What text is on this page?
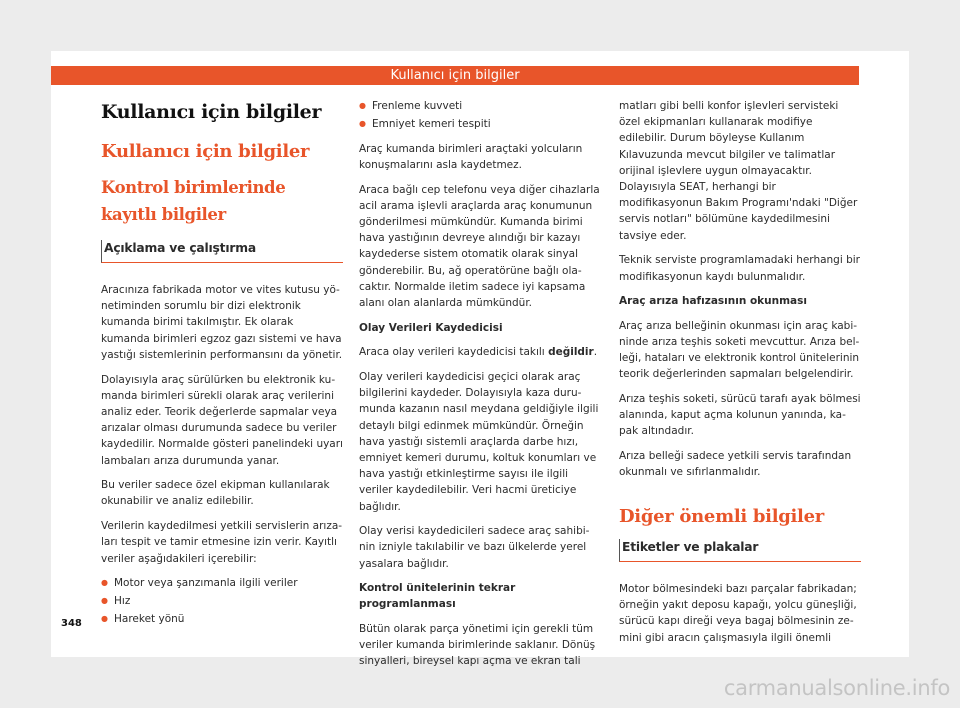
Kullanıcı için bilgiler
Kullanıcı için bilgiler
Kullanıcı için bilgiler
Kontrol birimlerinde kayıtlı bilgiler
Açıklama ve çalıştırma

Aracınıza fabrikada motor ve vites kutusu yönetiminden sorumlu bir dizi elektronik kumanda birimi takılmıştır. Ek olarak kumanda birimleri egzoz gazı sistemi ve hava yastığı sistemlerinin performansını da yönetir.

Dolayısıyla araç sürülürken bu elektronik kumanda birimleri sürekli olarak araç verilerini analiz eder. Teorik değerlerde sapmalar veya arızalar olması durumunda sadece bu veriler kaydedilir. Normalde gösteri panelindeki uyarı lambaları arıza durumunda yanar.

Bu veriler sadece özel ekipman kullanılarak okunabilir ve analiz edilebilir.

Verilerin kaydedilmesi yetkili servislerin arızaları tespit ve tamir etmesine izin verir. Kayıtlı veriler aşağıdakileri içerebilir:

● Motor veya şanzımanla ilgili veriler
● Hız
● Hareket yönü
● Frenleme kuvveti
● Emniyet kemeri tespiti

Araç kumanda birimleri araçtaki yolcuların konuşmalarını asla kaydetmez.

Araca bağlı cep telefonu veya diğer cihazlarla acil arama işlevli araçlarda araç konumunun gönderilmesi mümkündür. Kumanda birimi hava yastığının devreye alındığı bir kazayı kaydederse sistem otomatik olarak sinyal gönderebilir. Bu, ağ operatörüne bağlı olacaktır. Normalde iletim sadece iyi kapsama alanı olan alanlarda mümkündür.

Olay Verileri Kaydedicisi

Araca olay verileri kaydedicisi takılı değildir.

Olay verileri kaydedicisi geçici olarak araç bilgilerini kaydeder. Dolayısıyla kaza durumunda kazanın nasıl meydana geldiğiyle ilgili detaylı bilgi edinmek mümkündür. Örneğin hava yastığı sistemli araçlarda darbe hızı, emniyet kemeri durumu, koltuk konumları ve hava yastığı etkinleştirme sayısı ile ilgili veriler kaydedilebilir. Veri hacmi üreticiye bağlıdır.

Olay verisi kaydedicileri sadece araç sahibinin izniyle takılabilir ve bazı ülkelerde yerel yasalara bağlıdır.

Kontrol ünitelerinin tekrar programlanması

Bütün olarak parça yönetimi için gerekli tüm veriler kumanda birimlerinde saklanır. Dönüş sinyalleri, bireysel kapı açma ve ekran tali

matları gibi belli konfor işlevleri servisteki özel ekipmanları kullanarak modifiye edilebilir. Durum böyleyse Kullanım Kılavuzunda mevcut bilgiler ve talimatlar orijinal işlevlere uygun olmayacaktır. Dolayısıyla SEAT, herhangi bir modifikasyonun Bakım Programı'ndaki "Diğer servis notları" bölümüne kaydedilmesini tavsiye eder.

Teknik serviste programlamadaki herhangi bir modifikasyonun kaydı bulunmalıdır.

Araç arıza hafızasının okunması

Araç arıza belleğinin okunması için araç kabininde arıza teşhis soketi mevcuttur. Arıza belleği, hataları ve elektronik kontrol ünitelerinin teorik değerlerinden sapmaları belgelendirir.

Arıza teşhis soketi, sürücü tarafı ayak bölmesi alanında, kaput açma kolunun yanında, kapak altındadır.

Arıza belleği sadece yetkili servis tarafından okunmalı ve sıfırlanmalıdır.

Diğer önemli bilgiler
Etiketler ve plakalar

Motor bölmesindeki bazı parçalar fabrikadan; örneğin yakıt deposu kapağı, yolcu güneşliği, sürücü kapı direği veya bagaj bölmesinin zemini gibi aracın çalışmasıyla ilgili önemli

348
carmanualsonline.info
